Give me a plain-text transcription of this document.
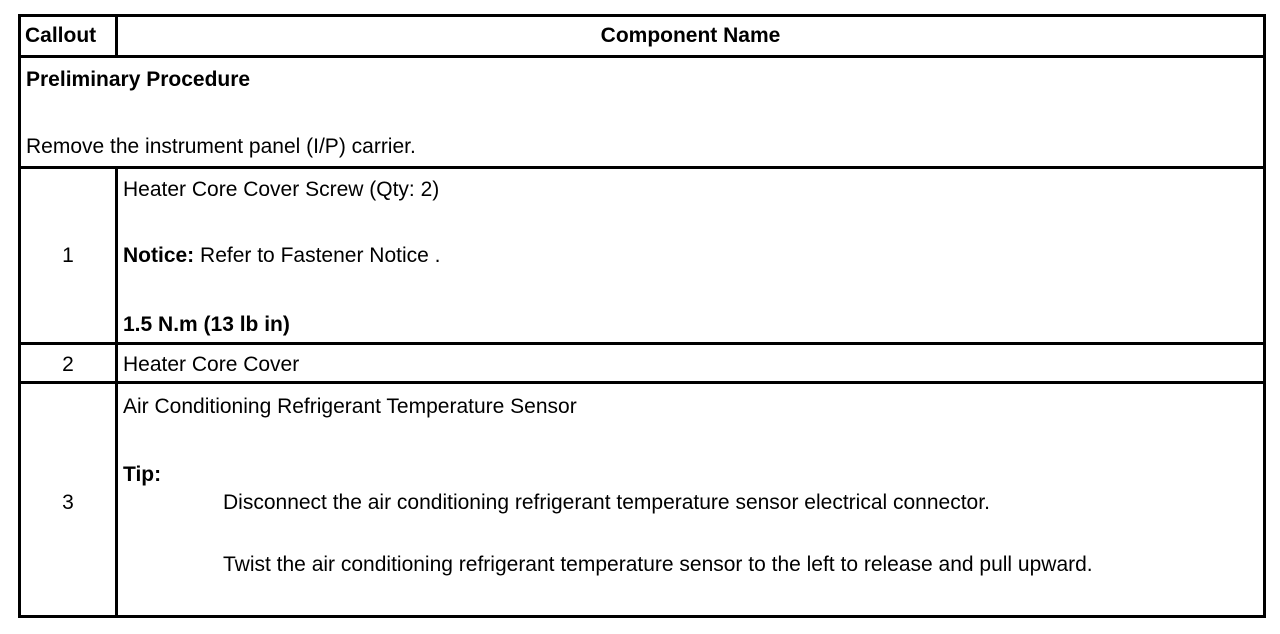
Callout	Component Name
Preliminary Procedure
Remove the instrument panel (I/P) carrier.
1
Heater Core Cover Screw (Qty: 2)
Notice: Refer to Fastener Notice .
1.5 N.m (13 lb in)
2	Heater Core Cover
3
Air Conditioning Refrigerant Temperature Sensor
Tip:
Disconnect the air conditioning refrigerant temperature sensor electrical connector.
Twist the air conditioning refrigerant temperature sensor to the left to release and pull upward.
